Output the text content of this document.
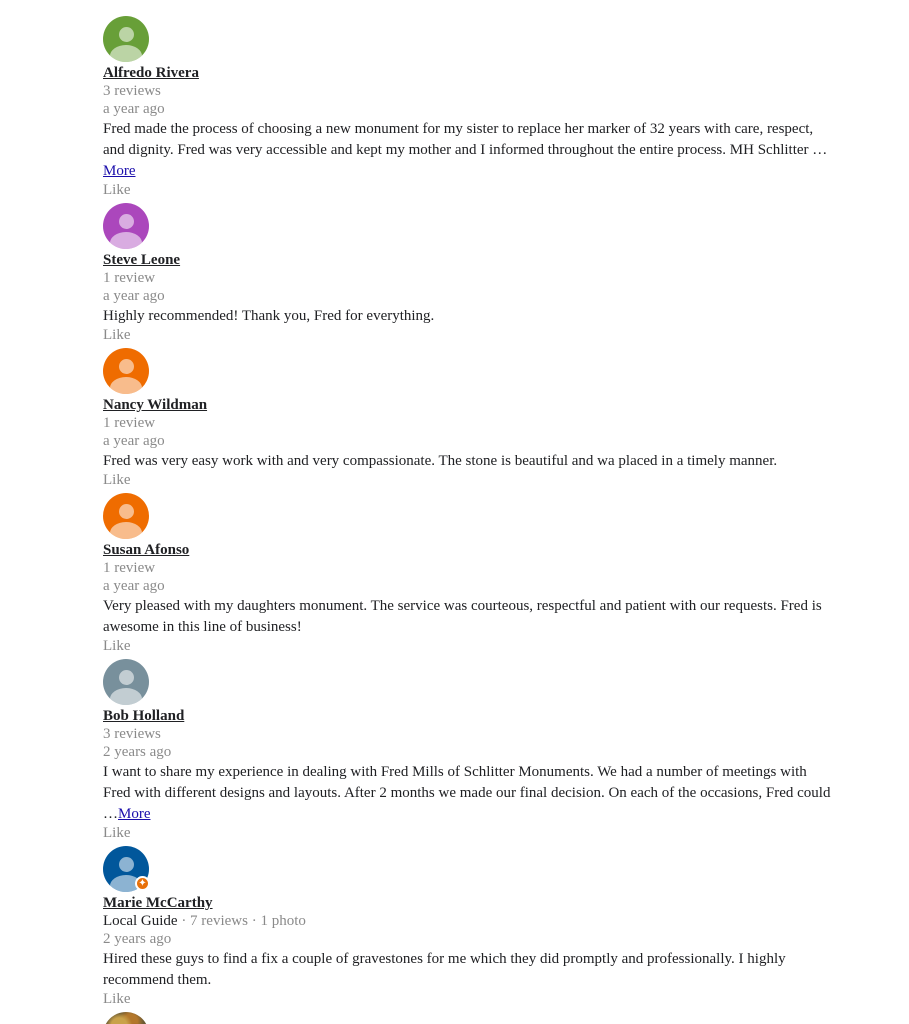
Alfredo Rivera
3 reviews
a year ago
Fred made the process of choosing a new monument for my sister to replace her marker of 32 years with care, respect, and dignity. Fred was very accessible and kept my mother and I informed throughout the entire process. MH Schlitter …More
Like
Steve Leone
1 review
a year ago
Highly recommended! Thank you, Fred for everything.
Like
Nancy Wildman
1 review
a year ago
Fred was very easy work with and very compassionate. The stone is beautiful and wa placed in a timely manner.
Like
Susan Afonso
1 review
a year ago
Very pleased with my daughters monument. The service was courteous, respectful and patient with our requests. Fred is awesome in this line of business!
Like
Bob Holland
3 reviews
2 years ago
I want to share my experience in dealing with Fred Mills of Schlitter Monuments. We had a number of meetings with Fred with different designs and layouts. After 2 months we made our final decision. On each of the occasions, Fred could …More
Like
✦
Marie McCarthy
Local Guide · 7 reviews · 1 photo
2 years ago
Hired these guys to find a fix a couple of gravestones for me which they did promptly and professionally. I highly recommend them.
Like
